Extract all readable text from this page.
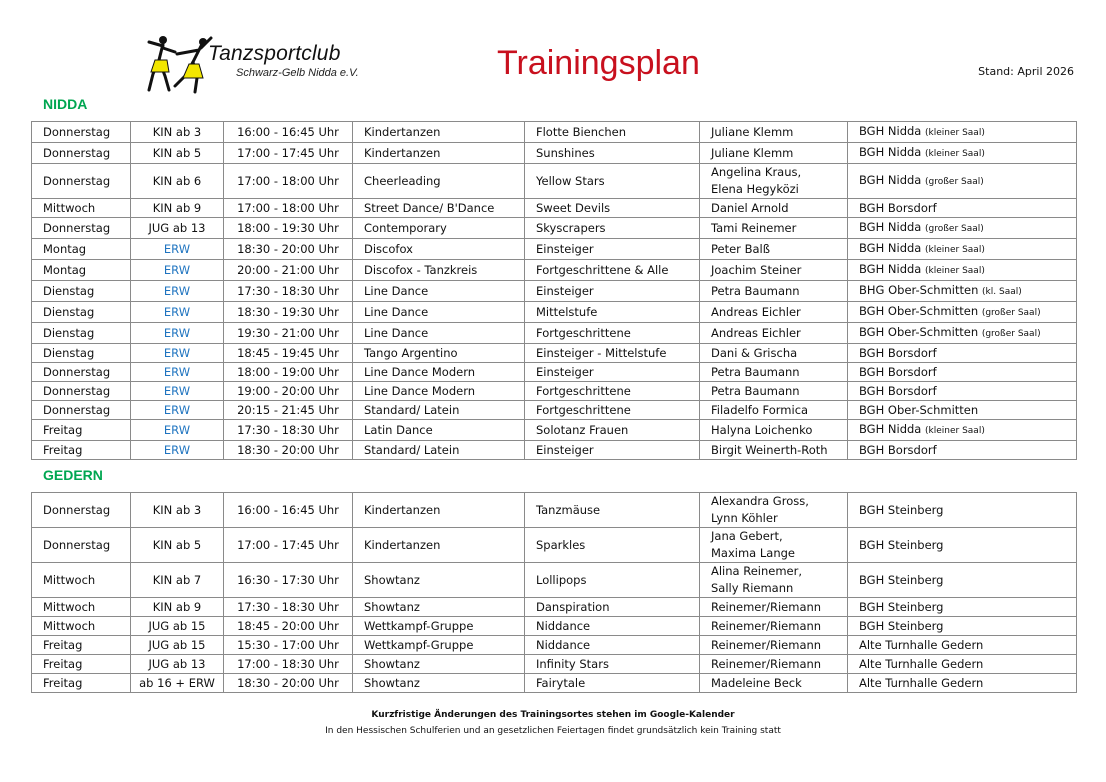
Tanzsportclub
Schwarz-Gelb Nidda e.V.	Trainingsplan	Stand: April 2026
NIDDA
Donnerstag	KIN ab 3	16:00 - 16:45 Uhr	Kindertanzen	Flotte Bienchen	Juliane Klemm	BGH Nidda (kleiner Saal)
Donnerstag	KIN ab 5	17:00 - 17:45 Uhr	Kindertanzen	Sunshines	Juliane Klemm	BGH Nidda (kleiner Saal)
Donnerstag	KIN ab 6	17:00 - 18:00 Uhr	Cheerleading	Yellow Stars	Angelina Kraus,
Elena Hegyközi	BGH Nidda (großer Saal)
Mittwoch	KIN ab 9	17:00 - 18:00 Uhr	Street Dance/ B'Dance	Sweet Devils	Daniel Arnold	BGH Borsdorf
Donnerstag	JUG ab 13	18:00 - 19:30 Uhr	Contemporary	Skyscrapers	Tami Reinemer	BGH Nidda (großer Saal)
Montag	ERW	18:30 - 20:00 Uhr	Discofox	Einsteiger	Peter Balß	BGH Nidda (kleiner Saal)
Montag	ERW	20:00 - 21:00 Uhr	Discofox - Tanzkreis	Fortgeschrittene & Alle	Joachim Steiner	BGH Nidda (kleiner Saal)
Dienstag	ERW	17:30 - 18:30 Uhr	Line Dance	Einsteiger	Petra Baumann	BHG Ober-Schmitten (kl. Saal)
Dienstag	ERW	18:30 - 19:30 Uhr	Line Dance	Mittelstufe	Andreas Eichler	BGH Ober-Schmitten (großer Saal)
Dienstag	ERW	19:30 - 21:00 Uhr	Line Dance	Fortgeschrittene	Andreas Eichler	BGH Ober-Schmitten (großer Saal)
Dienstag	ERW	18:45 - 19:45 Uhr	Tango Argentino	Einsteiger - Mittelstufe	Dani & Grischa	BGH Borsdorf
Donnerstag	ERW	18:00 - 19:00 Uhr	Line Dance Modern	Einsteiger	Petra Baumann	BGH Borsdorf
Donnerstag	ERW	19:00 - 20:00 Uhr	Line Dance Modern	Fortgeschrittene	Petra Baumann	BGH Borsdorf
Donnerstag	ERW	20:15 - 21:45 Uhr	Standard/ Latein	Fortgeschrittene	Filadelfo Formica	BGH Ober-Schmitten
Freitag	ERW	17:30 - 18:30 Uhr	Latin Dance	Solotanz Frauen	Halyna Loichenko	BGH Nidda (kleiner Saal)
Freitag	ERW	18:30 - 20:00 Uhr	Standard/ Latein	Einsteiger	Birgit Weinerth-Roth	BGH Borsdorf
GEDERN
Donnerstag	KIN ab 3	16:00 - 16:45 Uhr	Kindertanzen	Tanzmäuse	Alexandra Gross,
Lynn Köhler	BGH Steinberg
Donnerstag	KIN ab 5	17:00 - 17:45 Uhr	Kindertanzen	Sparkles	Jana Gebert,
Maxima Lange	BGH Steinberg
Mittwoch	KIN ab 7	16:30 - 17:30 Uhr	Showtanz	Lollipops	Alina Reinemer,
Sally Riemann	BGH Steinberg
Mittwoch	KIN ab 9	17:30 - 18:30 Uhr	Showtanz	Danspiration	Reinemer/Riemann	BGH Steinberg
Mittwoch	JUG ab 15	18:45 - 20:00 Uhr	Wettkampf-Gruppe	Niddance	Reinemer/Riemann	BGH Steinberg
Freitag	JUG ab 15	15:30 - 17:00 Uhr	Wettkampf-Gruppe	Niddance	Reinemer/Riemann	Alte Turnhalle Gedern
Freitag	JUG ab 13	17:00 - 18:30 Uhr	Showtanz	Infinity Stars	Reinemer/Riemann	Alte Turnhalle Gedern
Freitag	ab 16 + ERW	18:30 - 20:00 Uhr	Showtanz	Fairytale	Madeleine Beck	Alte Turnhalle Gedern
Kurzfristige Änderungen des Trainingsortes stehen im Google-Kalender
In den Hessischen Schulferien und an gesetzlichen Feiertagen findet grundsätzlich kein Training statt
